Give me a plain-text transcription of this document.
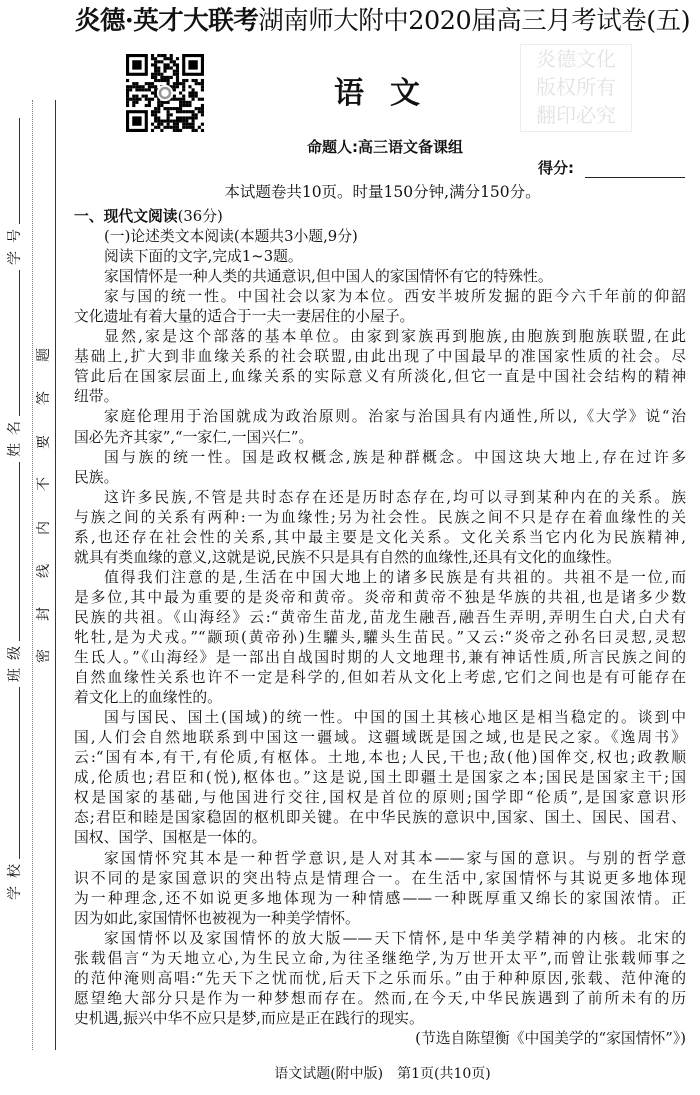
炎德·英才大联考湖南师大附中2020届高三月考试卷(五)
语文
命题人:高三语文备课组
得分:
本试题卷共10页。时量150分钟,满分150分。
炎德文化
版权所有
翻印必究
一、现代文阅读(36分)
(一)论述类文本阅读(本题共3小题,9分)
阅读下面的文字,完成1~3题。
家国情怀是一种人类的共通意识,但中国人的家国情怀有它的特殊性。
家与国的统一性。中国社会以家为本位。西安半坡所发掘的距今六千年前的仰韶
文化遗址有着大量的适合于一夫一妻居住的小屋子。
显然,家是这个部落的基本单位。由家到家族再到胞族,由胞族到胞族联盟,在此
基础上,扩大到非血缘关系的社会联盟,由此出现了中国最早的准国家性质的社会。尽
管此后在国家层面上,血缘关系的实际意义有所淡化,但它一直是中国社会结构的精神
纽带。
家庭伦理用于治国就成为政治原则。治家与治国具有内通性,所以,《大学》说“治
国必先齐其家”,“一家仁,一国兴仁”。
国与族的统一性。国是政权概念,族是种群概念。中国这块大地上,存在过许多
民族。
这许多民族,不管是共时态存在还是历时态存在,均可以寻到某种内在的关系。族
与族之间的关系有两种:一为血缘性;另为社会性。民族之间不只是存在着血缘性的关
系,也还存在社会性的关系,其中最主要是文化关系。文化关系当它内化为民族精神,
就具有类血缘的意义,这就是说,民族不只是具有自然的血缘性,还具有文化的血缘性。
值得我们注意的是,生活在中国大地上的诸多民族是有共祖的。共祖不是一位,而
是多位,其中最为重要的是炎帝和黄帝。炎帝和黄帝不独是华族的共祖,也是诸多少数
民族的共祖。《山海经》云:“黄帝生苗龙,苗龙生融吾,融吾生弄明,弄明生白犬,白犬有
牝牡,是为犬戎。”“颛顼(黄帝孙)生驩头,驩头生苗民。”又云:“炎帝之孙名曰灵恝,灵恝
生氐人。”《山海经》是一部出自战国时期的人文地理书,兼有神话性质,所言民族之间的
自然血缘性关系也许不一定是科学的,但如若从文化上考虑,它们之间也是有可能存在
着文化上的血缘性的。
国与国民、国土(国域)的统一性。中国的国土其核心地区是相当稳定的。谈到中
国,人们会自然地联系到中国这一疆域。这疆域既是国之域,也是民之家。《逸周书》
云:“国有本,有干,有伦质,有枢体。土地,本也;人民,干也;敌(他)国侔交,权也;政教顺
成,伦质也;君臣和(悦),枢体也。”这是说,国土即疆土是国家之本;国民是国家主干;国
权是国家的基础,与他国进行交往,国权是首位的原则;国学即“伦质”,是国家意识形
态;君臣和睦是国家稳固的枢机即关键。在中华民族的意识中,国家、国土、国民、国君、
国权、国学、国枢是一体的。
家国情怀究其本是一种哲学意识,是人对其本——家与国的意识。与别的哲学意
识不同的是家国意识的突出特点是情理合一。在生活中,家国情怀与其说更多地体现
为一种理念,还不如说更多地体现为一种情感——一种既厚重又绵长的家国浓情。正
因为如此,家国情怀也被视为一种美学情怀。
家国情怀以及家国情怀的放大版——天下情怀,是中华美学精神的内核。北宋的
张载倡言“为天地立心,为生民立命,为往圣继绝学,为万世开太平”,而曾让张载师事之
的范仲淹则高唱:“先天下之忧而忧,后天下之乐而乐。”由于种种原因,张载、范仲淹的
愿望绝大部分只是作为一种梦想而存在。然而,在今天,中华民族遇到了前所未有的历
史机遇,振兴中华不应只是梦,而应是正在践行的现实。
(节选自陈望衡《中国美学的“家国情怀”》)
语文试题(附中版)　第1页(共10页)
学
校
班
级
姓
名
学
号
密
封
线
内
不
要
答
题
